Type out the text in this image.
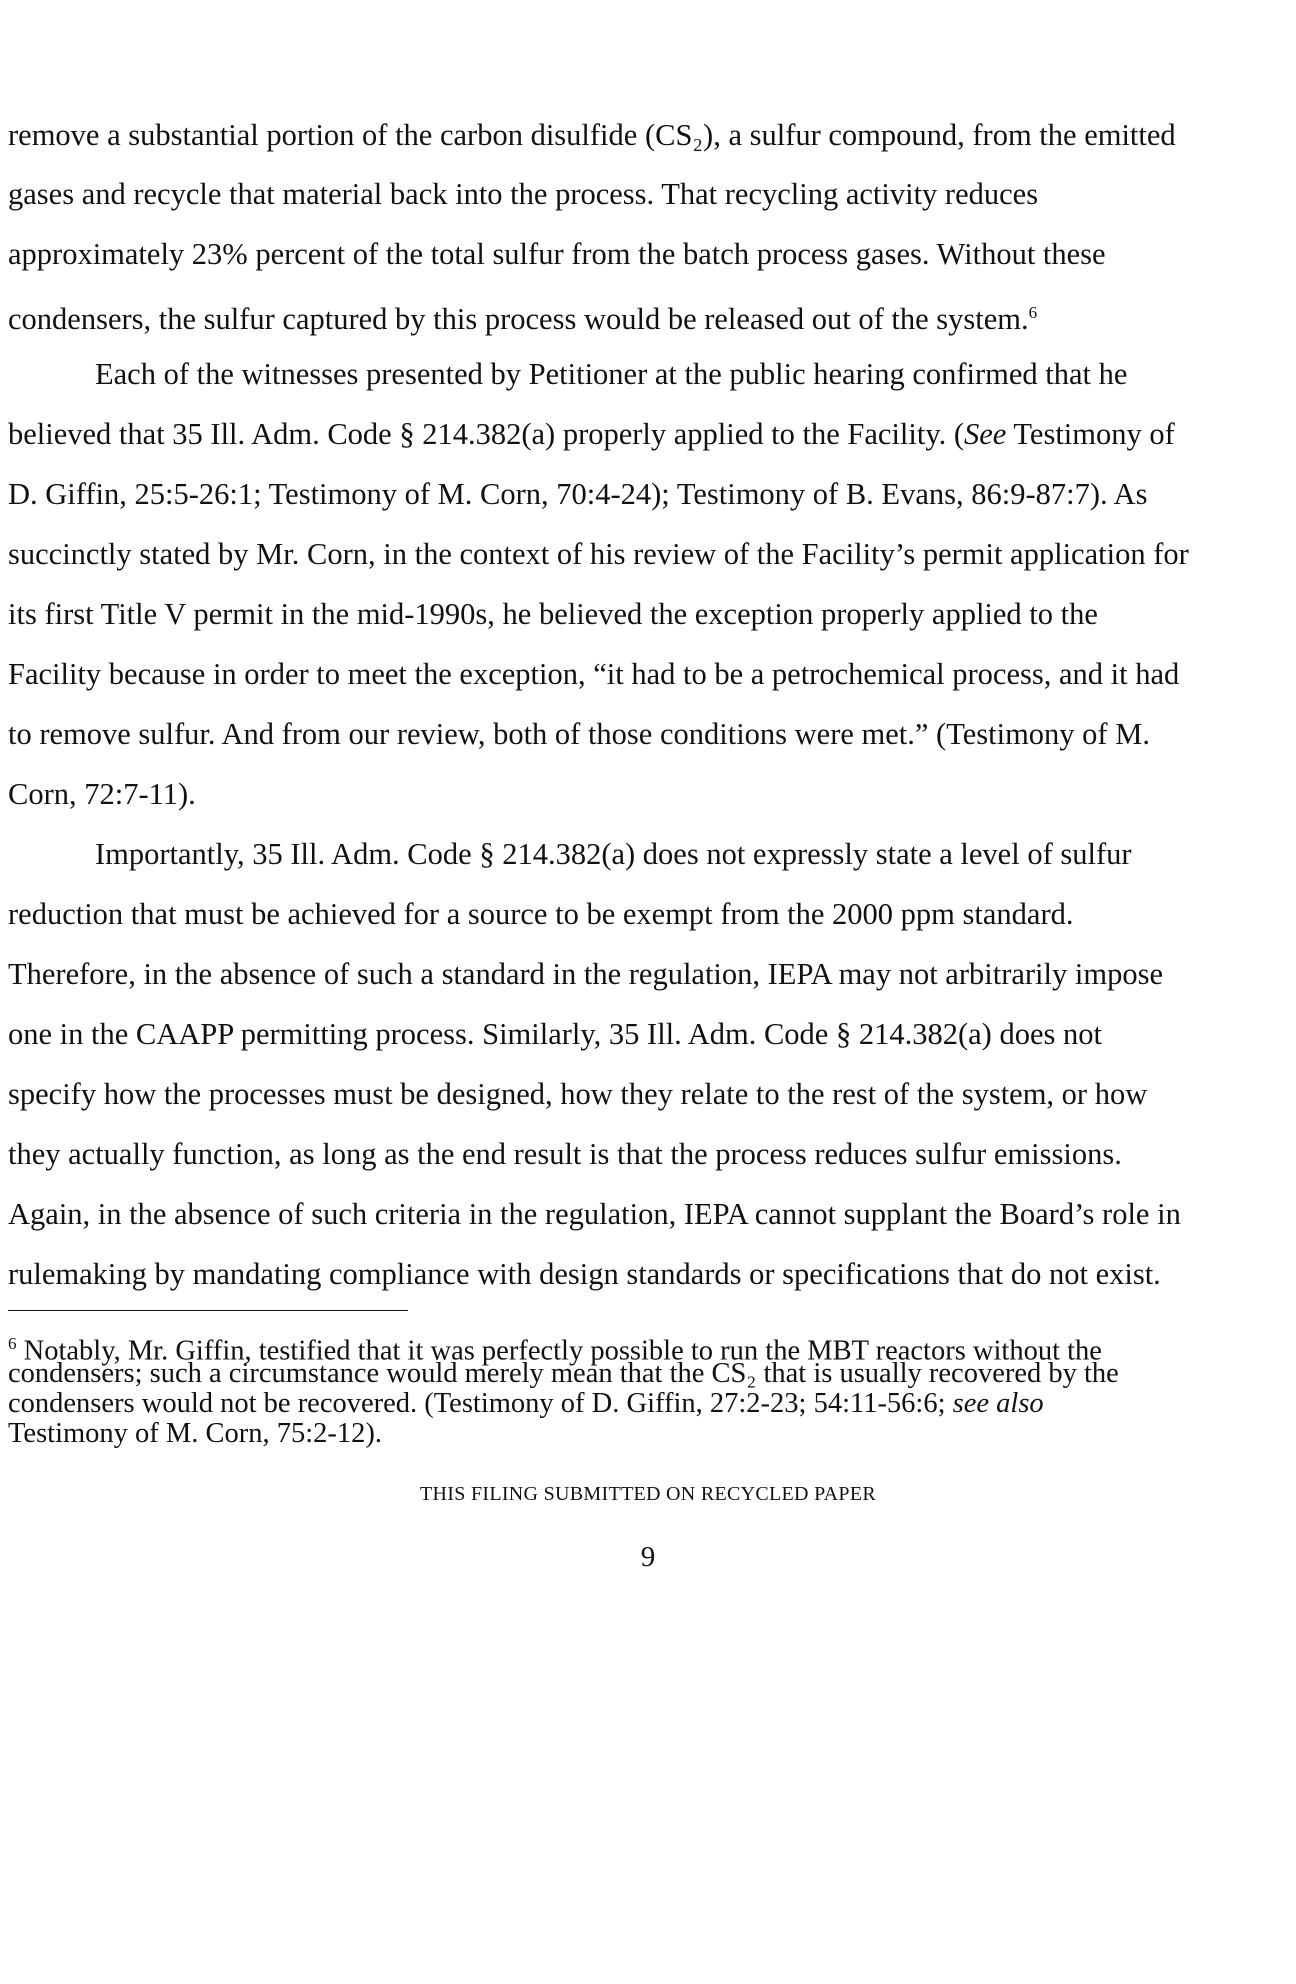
remove a substantial portion of the carbon disulfide (CS₂), a sulfur compound, from the emitted

gases and recycle that material back into the process. That recycling activity reduces

approximately 23% percent of the total sulfur from the batch process gases. Without these

condensers, the sulfur captured by this process would be released out of the system.$^6$

Each of the witnesses presented by Petitioner at the public hearing confirmed that he

believed that 35 Ill. Adm. Code § 214.382(a) properly applied to the Facility. (See Testimony of

D. Giffin, 25:5-26:1; Testimony of M. Corn, 70:4-24); Testimony of B. Evans, 86:9-87:7). As

succinctly stated by Mr. Corn, in the context of his review of the Facility’s permit application for

its first Title V permit in the mid-1990s, he believed the exception properly applied to the

Facility because in order to meet the exception, “it had to be a petrochemical process, and it had

to remove sulfur. And from our review, both of those conditions were met.” (Testimony of M.

Corn, 72:7-11).

Importantly, 35 Ill. Adm. Code § 214.382(a) does not expressly state a level of sulfur

reduction that must be achieved for a source to be exempt from the 2000 ppm standard.

Therefore, in the absence of such a standard in the regulation, IEPA may not arbitrarily impose

one in the CAAPP permitting process. Similarly, 35 Ill. Adm. Code § 214.382(a) does not

specify how the processes must be designed, how they relate to the rest of the system, or how

they actually function, as long as the end result is that the process reduces sulfur emissions.

Again, in the absence of such criteria in the regulation, IEPA cannot supplant the Board’s role in

rulemaking by mandating compliance with design standards or specifications that do not exist.

$^6$ Notably, Mr. Giffin, testified that it was perfectly possible to run the MBT reactors without the

condensers; such a circumstance would merely mean that the CS₂ that is usually recovered by the

condensers would not be recovered. (Testimony of D. Giffin, 27:2-23; 54:11-56:6; see also

Testimony of M. Corn, 75:2-12).

THIS FILING SUBMITTED ON RECYCLED PAPER
9
